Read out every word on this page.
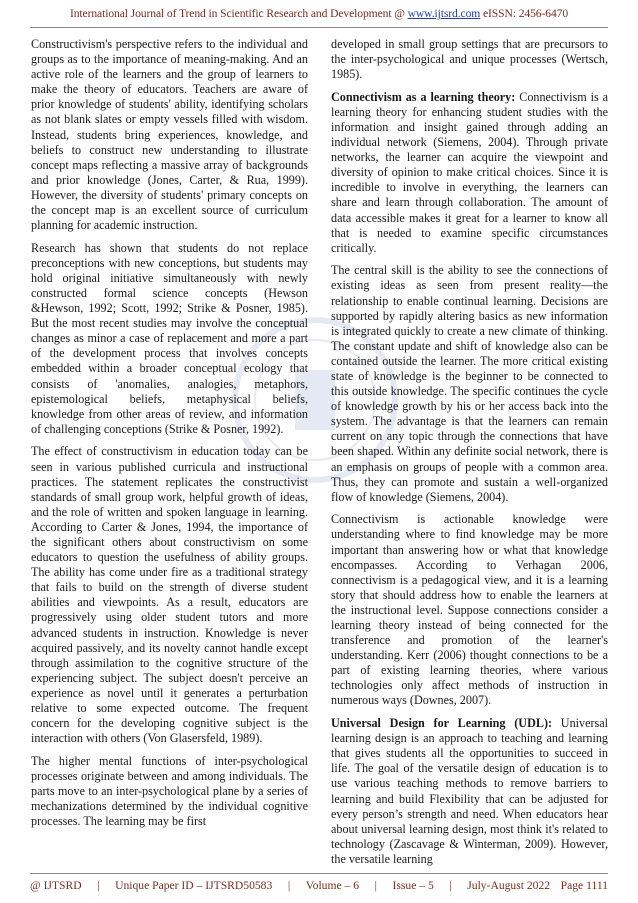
International Journal of Trend in Scientific Research and Development @ www.ijtsrd.com eISSN: 2456-6470

Constructivism's perspective refers to the individual and groups as to the importance of meaning-making. And an active role of the learners and the group of learners to make the theory of educators. Teachers are aware of prior knowledge of students' ability, identifying scholars as not blank slates or empty vessels filled with wisdom. Instead, students bring experiences, knowledge, and beliefs to construct new understanding to illustrate concept maps reflecting a massive array of backgrounds and prior knowledge (Jones, Carter, & Rua, 1999). However, the diversity of students' primary concepts on the concept map is an excellent source of curriculum planning for academic instruction.

Research has shown that students do not replace preconceptions with new conceptions, but students may hold original initiative simultaneously with newly constructed formal science concepts (Hewson &Hewson, 1992; Scott, 1992; Strike & Posner, 1985). But the most recent studies may involve the conceptual changes as minor a case of replacement and more a part of the development process that involves concepts embedded within a broader conceptual ecology that consists of 'anomalies, analogies, metaphors, epistemological beliefs, metaphysical beliefs, knowledge from other areas of review, and information of challenging conceptions (Strike & Posner, 1992).

The effect of constructivism in education today can be seen in various published curricula and instructional practices. The statement replicates the constructivist standards of small group work, helpful growth of ideas, and the role of written and spoken language in learning. According to Carter & Jones, 1994, the importance of the significant others about constructivism on some educators to question the usefulness of ability groups. The ability has come under fire as a traditional strategy that fails to build on the strength of diverse student abilities and viewpoints. As a result, educators are progressively using older student tutors and more advanced students in instruction. Knowledge is never acquired passively, and its novelty cannot handle except through assimilation to the cognitive structure of the experiencing subject. The subject doesn't perceive an experience as novel until it generates a perturbation relative to some expected outcome. The frequent concern for the developing cognitive subject is the interaction with others (Von Glasersfeld, 1989).

The higher mental functions of inter-psychological processes originate between and among individuals. The parts move to an inter-psychological plane by a series of mechanizations determined by the individual cognitive processes. The learning may be first

developed in small group settings that are precursors to the inter-psychological and unique processes (Wertsch, 1985).

Connectivism as a learning theory: Connectivism is a learning theory for enhancing student studies with the information and insight gained through adding an individual network (Siemens, 2004). Through private networks, the learner can acquire the viewpoint and diversity of opinion to make critical choices. Since it is incredible to involve in everything, the learners can share and learn through collaboration. The amount of data accessible makes it great for a learner to know all that is needed to examine specific circumstances critically.

The central skill is the ability to see the connections of existing ideas as seen from present reality—the relationship to enable continual learning. Decisions are supported by rapidly altering basics as new information is integrated quickly to create a new climate of thinking. The constant update and shift of knowledge also can be contained outside the learner. The more critical existing state of knowledge is the beginner to be connected to this outside knowledge. The specific continues the cycle of knowledge growth by his or her access back into the system. The advantage is that the learners can remain current on any topic through the connections that have been shaped. Within any definite social network, there is an emphasis on groups of people with a common area. Thus, they can promote and sustain a well-organized flow of knowledge (Siemens, 2004).

Connectivism is actionable knowledge were understanding where to find knowledge may be more important than answering how or what that knowledge encompasses. According to Verhagan 2006, connectivism is a pedagogical view, and it is a learning story that should address how to enable the learners at the instructional level. Suppose connections consider a learning theory instead of being connected for the transference and promotion of the learner's understanding. Kerr (2006) thought connections to be a part of existing learning theories, where various technologies only affect methods of instruction in numerous ways (Downes, 2007).

Universal Design for Learning (UDL): Universal learning design is an approach to teaching and learning that gives students all the opportunities to succeed in life. The goal of the versatile design of education is to use various teaching methods to remove barriers to learning and build Flexibility that can be adjusted for every person’s strength and need. When educators hear about universal learning design, most think it's related to technology (Zascavage & Winterman, 2009). However, the versatile learning

@ IJTSRD | Unique Paper ID – IJTSRD50583 | Volume – 6 | Issue – 5 | July-August 2022 Page 1111
